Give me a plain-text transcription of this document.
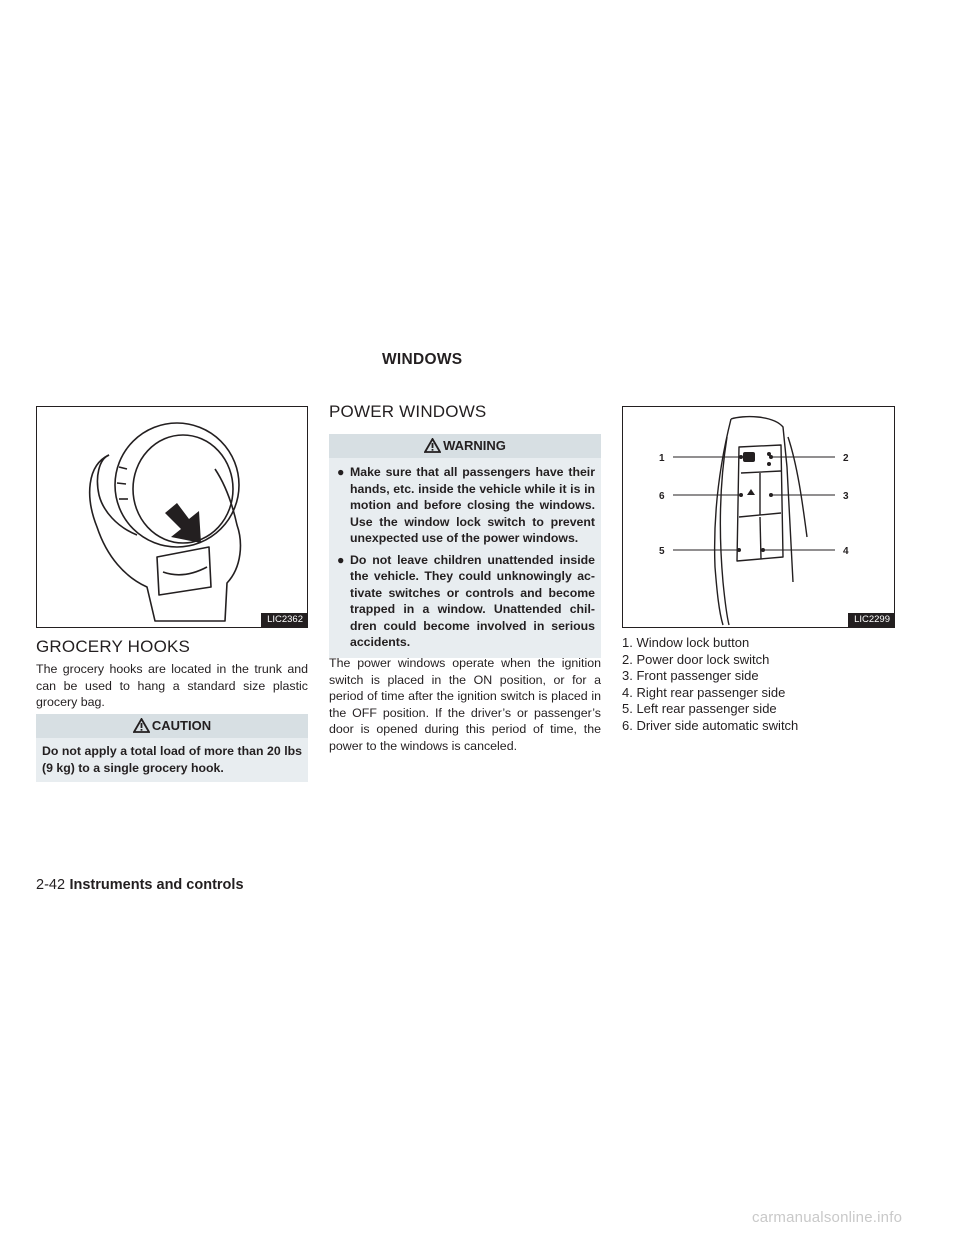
WINDOWS
LIC2362
GROCERY HOOKS
The grocery hooks are located in the trunk and can be used to hang a standard size plastic grocery bag.
CAUTION
Do not apply a total load of more than 20 lbs (9 kg) to a single grocery hook.
POWER WINDOWS
WARNING
● Make sure that all passengers have their hands, etc. inside the vehicle while it is in motion and before closing the windows. Use the window lock switch to prevent unexpected use of the power windows.
● Do not leave children unattended inside the vehicle. They could unknowingly ac- tivate switches or controls and become trapped in a window. Unattended chil- dren could become involved in serious accidents.
The power windows operate when the ignition switch is placed in the ON position, or for a period of time after the ignition switch is placed in the OFF position. If the driver’s or passenger’s door is opened during this period of time, the power to the windows is canceled.
1	2
6	3
5	4
LIC2299
1. Window lock button
2. Power door lock switch
3. Front passenger side
4. Right rear passenger side
5. Left rear passenger side
6. Driver side automatic switch
2-42 Instruments and controls
carmanualsonline.info
